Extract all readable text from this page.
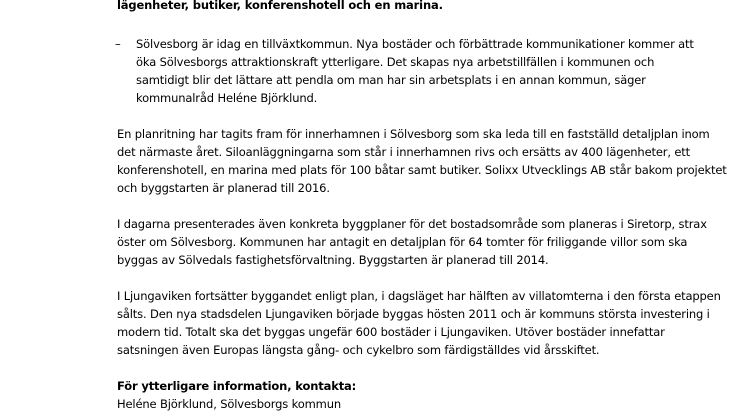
lägenheter, butiker, konferenshotell och en marina.
– Sölvesborg är idag en tillväxtkommun. Nya bostäder och förbättrade kommunikationer kommer att
öka Sölvesborgs attraktionskraft ytterligare. Det skapas nya arbetstillfällen i kommunen och
samtidigt blir det lättare att pendla om man har sin arbetsplats i en annan kommun, säger
kommunalråd Heléne Björklund.
En planritning har tagits fram för innerhamnen i Sölvesborg som ska leda till en fastställd detaljplan inom
det närmaste året. Siloanläggningarna som står i innerhamnen rivs och ersätts av 400 lägenheter, ett
konferenshotell, en marina med plats för 100 båtar samt butiker. Solixx Utvecklings AB står bakom projektet
och byggstarten är planerad till 2016.
I dagarna presenterades även konkreta byggplaner för det bostadsområde som planeras i Siretorp, strax
öster om Sölvesborg. Kommunen har antagit en detaljplan för 64 tomter för friliggande villor som ska
byggas av Sölvedals fastighetsförvaltning. Byggstarten är planerad till 2014.
I Ljungaviken fortsätter byggandet enligt plan, i dagsläget har hälften av villatomterna i den första etappen
sålts. Den nya stadsdelen Ljungaviken började byggas hösten 2011 och är kommuns största investering i
modern tid. Totalt ska det byggas ungefär 600 bostäder i Ljungaviken. Utöver bostäder innefattar
satsningen även Europas längsta gång- och cykelbro som färdigställdes vid årsskiftet.
För ytterligare information, kontakta:
Heléne Björklund, Sölvesborgs kommun
